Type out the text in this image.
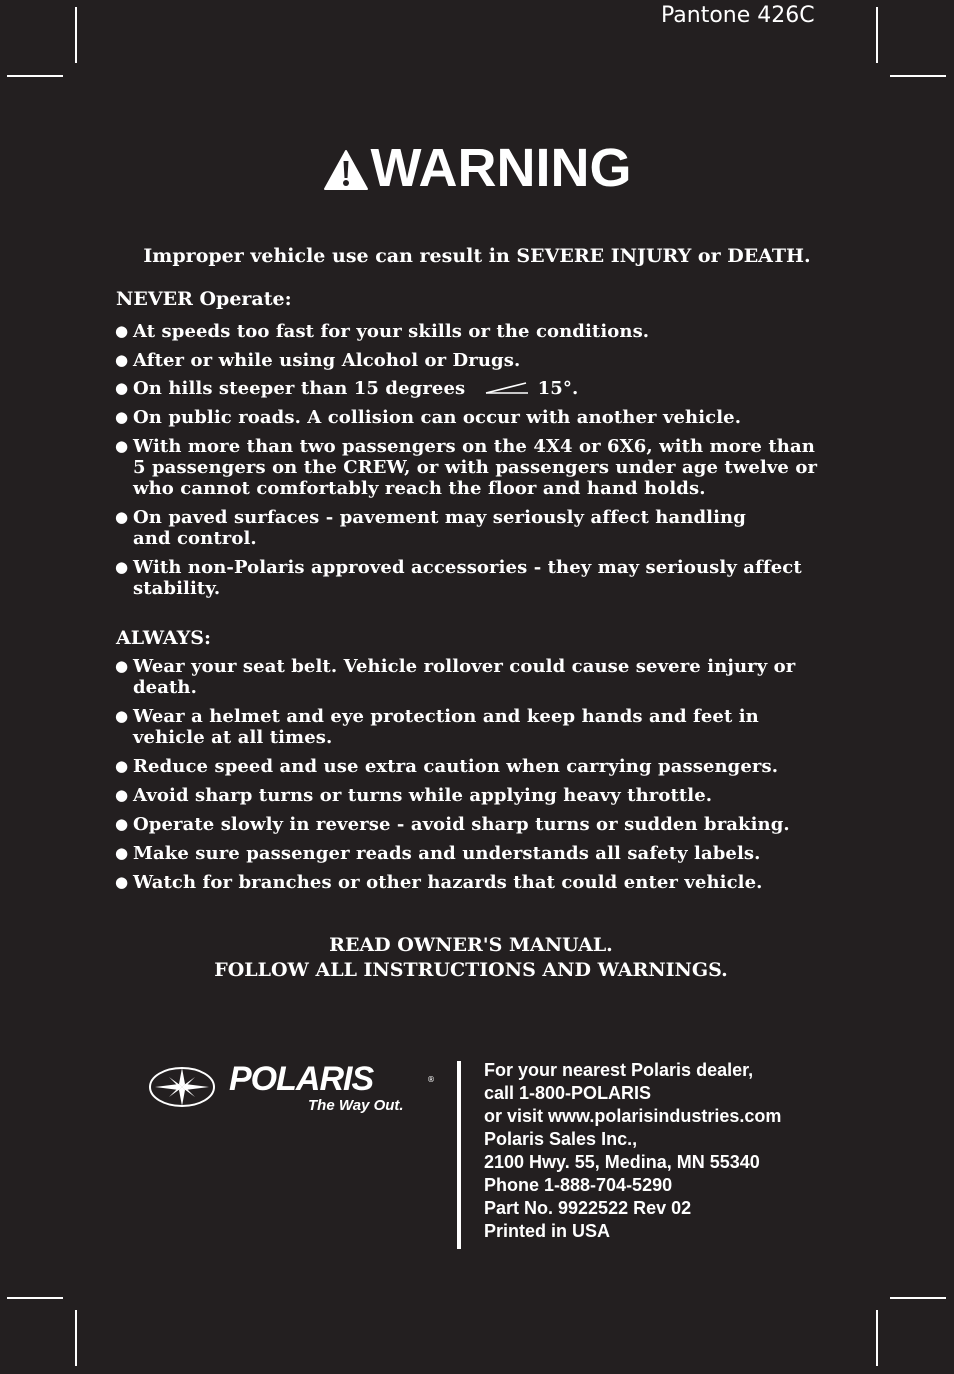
Pantone 426C
WARNING
Improper vehicle use can result in SEVERE INJURY or DEATH.
NEVER Operate:
● At speeds too fast for your skills or the conditions.
● After or while using Alcohol or Drugs.
● On hills steeper than 15 degrees	15°.
● On public roads. A collision can occur with another vehicle.
● With more than two passengers on the 4X4 or 6X6, with more than 5 passengers on the CREW, or with passengers under age twelve or who cannot comfortably reach the floor and hand holds.
● On paved surfaces - pavement may seriously affect handling and control.
● With non-Polaris approved accessories - they may seriously affect stability.
ALWAYS:
● Wear your seat belt. Vehicle rollover could cause severe injury or death.
● Wear a helmet and eye protection and keep hands and feet in vehicle at all times.
● Reduce speed and use extra caution when carrying passengers.
● Avoid sharp turns or turns while applying heavy throttle.
● Operate slowly in reverse - avoid sharp turns or sudden braking.
● Make sure passenger reads and understands all safety labels.
● Watch for branches or other hazards that could enter vehicle.
READ OWNER'S MANUAL.
FOLLOW ALL INSTRUCTIONS AND WARNINGS.
POLARIS	®
The Way Out.
For your nearest Polaris dealer,
call 1-800-POLARIS
or visit www.polarisindustries.com
Polaris Sales Inc.,
2100 Hwy. 55, Medina, MN 55340
Phone 1-888-704-5290
Part No. 9922522 Rev 02
Printed in USA
